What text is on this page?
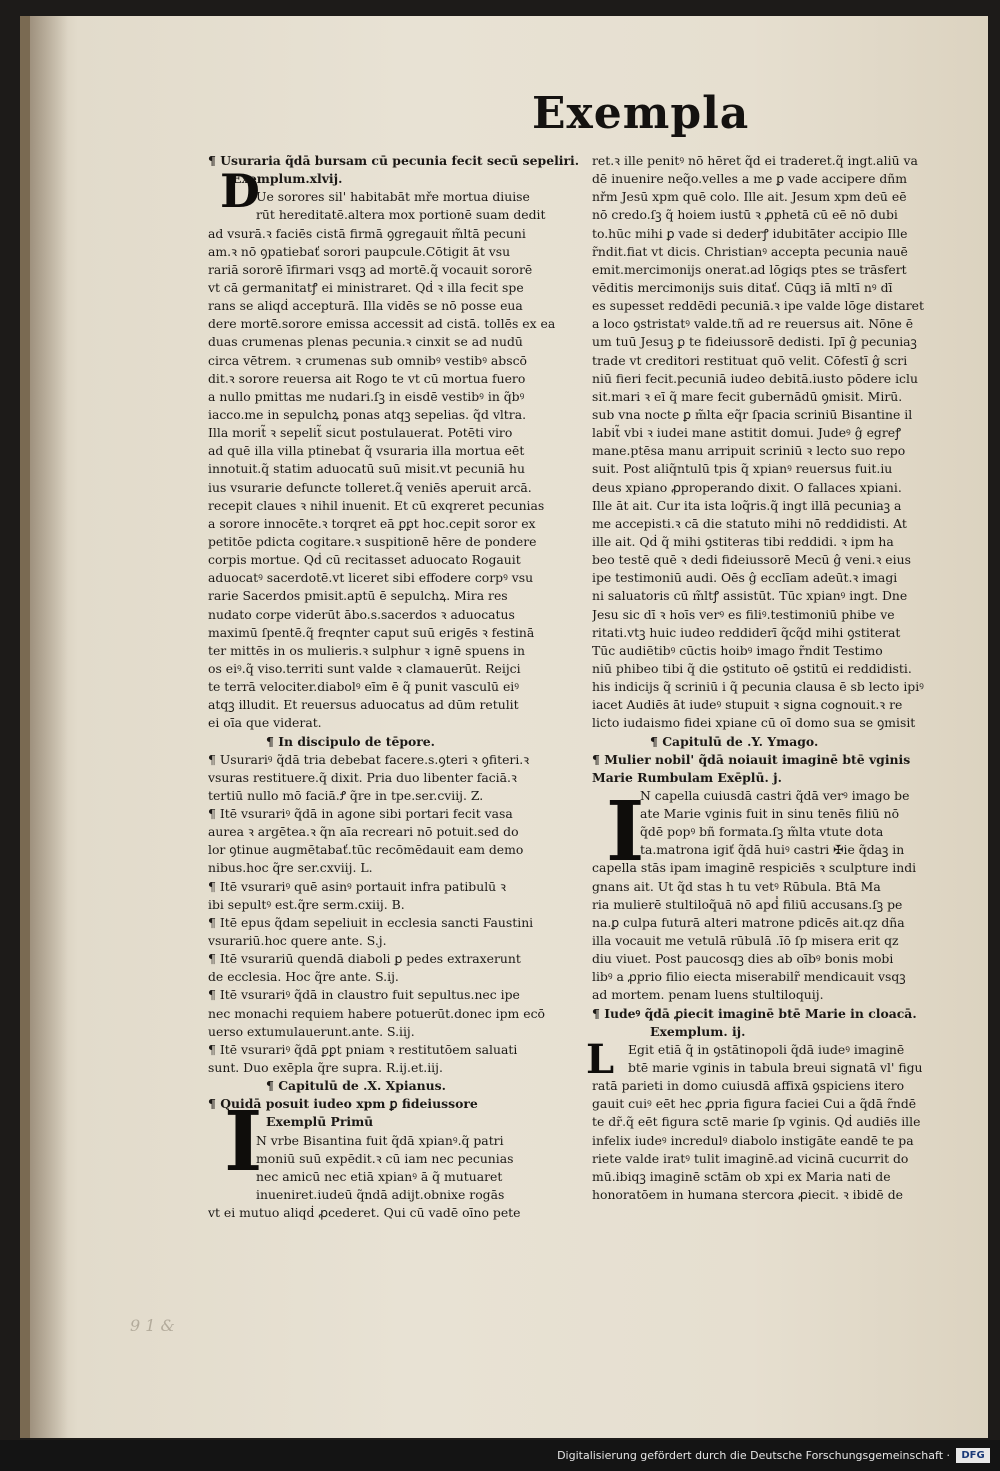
Exempla
¶ Usuraria q̃dā bursam cū pecunia fecit secū sepeliri.
Exemplum.xlvij.
Ue sorores sil' habitabāt mře mortua diuise
rūt hereditatē.altera mox portionē suam dedit
ad vsurā.ꝛ faciēs cistā firmā ꝯgregauit m̃ltā pecuni
am.ꝛ nō ꝯpatiebať sorori paupcule.Cōtigit āt vsu
rariā sororē īfirmari vsqꝫ ad mortē.q̃ vocauit sororē
vt cā germanitatꝭ ei ministraret. Qḋ ꝛ illa fecit spe
rans se aliqḋ accepturā. Illa vidēs se nō posse eua
dere mortē.sorore emissa accessit ad cistā. tollēs ex ea
duas crumenas plenas pecunia.ꝛ cinxit se ad nudū
circa vētrem. ꝛ crumenas sub omnibꝰ vestibꝰ abscō
dit.ꝛ sorore reuersa ait Rogo te vt cū mortua fuero
a nullo pmittas me nudari.ſꝫ in eisdē vestibꝰ in q̃bꝰ
iacco.me in sepulchꝝ ponas atqꝫ sepelias. q̃d vltra.
Illa morit̃ ꝛ sepelit̃ sicut postulauerat. Potēti viro
ad quē illa villa ptinebat q̃ vsuraria illa mortua eēt
innotuit.q̃ statim aduocatū suū misit.vt pecuniā hu
ius vsurarie defuncte tolleret.q̃ veniēs aperuit arcā.
recepit claues ꝛ nihil inuenit. Et cū exqreret pecunias
a sorore innocēte.ꝛ torqret eā ꝑꝑt hoc.cepit soror ex
petitōe pdicta cogitare.ꝛ suspitionē hēre de pondere
corpis mortue. Qḋ cū recitasset aduocato Rogauit
aduocatꝰ sacerdotē.vt liceret sibi effodere corpꝰ vsu
rarie Sacerdos pmisit.aptū ē sepulchꝝ. Mira res
nudato corpe viderūt ābo.s.sacerdos ꝛ aduocatus
maximū ſpentē.q̃ freqnter caput suū erigēs ꝛ festinā
ter mittēs in os mulieris.ꝛ sulphur ꝛ ignē spuens in
os eiꝰ.q̃ viso.territi sunt valde ꝛ clamauerūt. Reijci
te terrā velociter.diabolꝰ eīm ē q̃ punit vasculū eiꝰ
atqꝫ illudit. Et reuersus aduocatus ad dūm retulit
ei oīa que viderat.
¶ In discipulo de tēpore.
¶ Usurariꝰ q̃dā tria debebat facere.s.ꝯteri ꝛ ꝯfiteri.ꝛ
vsuras restituere.q̃ dixit. Pria duo libenter faciā.ꝛ
tertiū nullo mō faciā.Ꝭ q̃re in tpe.ser.cviij. Z.
¶ Itē vsurariꝰ q̃dā in agone sibi portari fecit vasa
aurea ꝛ argētea.ꝛ q̃n aīa recreari nō potuit.sed do
lor ꝯtinue augmētabať.tūc recōmēdauit eam demo
nibus.hoc q̃re ser.cxviij. L.
¶ Itē vsurariꝰ quē asinꝰ portauit infra patibulū ꝛ
ibi sepultꝰ est.q̃re serm.cxiij. B.
¶ Itē epus q̃dam sepeliuit in ecclesia sancti Faustini
vsurariū.hoc quere ante. S.j.
¶ Itē vsurariū quendā diaboli ꝑ pedes extraxerunt
de ecclesia. Hoc q̃re ante. S.ij.
¶ Itē vsurariꝰ q̃dā in claustro fuit sepultus.nec ipe
nec monachi requiem habere potuerūt.donec ipm ecō
uerso extumulauerunt.ante. S.iij.
¶ Itē vsurariꝰ q̃dā ꝑꝑt pniam ꝛ restitutōem saluati
sunt. Duo exēpla q̃re supra. R.ij.et.iij.
¶ Capitulū de .X. Xpianus.
¶ Quidā posuit iudeo xpm ꝑ fideiussore
Exemplū Primū
N vrbe Bisantina fuit q̃dā xpianꝰ.q̃ patri
moniū suū expēdit.ꝛ cū iam nec pecunias
nec amicū nec etiā xpianꝰ ā q̃ mutuaret
inueniret.iudeū q̃ndā adijt.obnixe rogās
vt ei mutuo aliqḋ ꝓcederet. Qui cū vadē oīno pete
ret.ꝛ ille penitꝰ nō hēret q̃d ei traderet.q̃ ingt.aliū va
dē inuenire neq̃o.velles a me ꝑ vade accipere dñm
nřm Jesū xpm quē colo. Ille ait. Jesum xpm deū eē
nō credo.ſꝫ q̃ hoiem iustū ꝛ ꝓphetā cū eē nō dubi
to.hūc mihi ꝑ vade si dederꝭ idubitāter accipio Ille
r̃ndit.fiat vt dicis. Christianꝰ accepta pecunia nauē
emit.mercimonijs onerat.ad lōgiqs ptes se trāsfert
vēditis mercimonijs suis ditať. Cūqꝫ iā mltī nꝰ dī
es supesset reddēdi pecuniā.ꝛ ipe valde lōge distaret
a loco ꝯstristatꝰ valde.tñ ad re reuersus ait. Nōne ē
um tuū Jesuꝫ ꝑ te fideiussorē dedisti. Ipī ĝ pecuniaꝫ
trade vt creditori restituat quō velit. Cōfestī ĝ scri
niū fieri fecit.pecuniā iudeo debitā.iusto pōdere iclu
sit.mari ꝛ eī q̃ mare fecit gubernādū ꝯmisit. Mirū.
sub vna nocte ꝑ m̃lta eq̃r ſpacia scriniū Bisantine il
labit̃ vbi ꝛ iudei mane astitit domui. Judeꝰ ĝ egreꝭ
mane.ptēsa manu arripuit scriniū ꝛ lecto suo repo
suit. Post aliq̃ntulū tpis q̃ xpianꝰ reuersus fuit.iu
deus xpiano ꝓproperando dixit. O fallaces xpiani.
Ille āt ait. Cur ita ista loq̃ris.q̃ ingt illā pecuniaꝫ a
me accepisti.ꝛ cā die statuto mihi nō reddidisti. At
ille ait. Qḋ q̃ mihi ꝯstiteras tibi reddidi. ꝛ ipm ha
beo testē quē ꝛ dedi fideiussorē Mecū ĝ veni.ꝛ eius
ipe testimoniū audi. Oēs ĝ ecclīam adeūt.ꝛ imagi
ni saluatoris cū m̃ltꝭ assistūt. Tūc xpianꝰ ingt. Dne
Jesu sic dī ꝛ hoīs verꝰ es filiꝰ.testimoniū phibe ve
ritati.vtꝫ huic iudeo reddiderī q̃cq̃d mihi ꝯstiterat
Tūc audiētibꝰ cūctis hoibꝰ imago r̃ndit Testimo
niū phibeo tibi q̃ die ꝯstituto oē ꝯstitū ei reddidisti.
his indicijs q̃ scriniū i q̃ pecunia clausa ē sb lecto ipiꝰ
iacet Audiēs āt iudeꝰ stupuit ꝛ signa cognouit.ꝛ re
licto iudaismo fidei xpiane cū oī domo sua se ꝯmisit
¶ Capitulū de .Y. Ymago.
¶ Mulier nobil' q̃dā noiauit imaginē btē vginis
Marie Rumbulam Exēplū. j.
N capella cuiusdā castri q̃dā verꝰ imago be
ate Marie vginis fuit in sinu tenēs filiū nō
q̃dē popꝰ bñ formata.ſꝫ m̃lta vtute dota
ta.matrona igiť q̃dā huiꝰ castri ✠ie q̃daꝫ in
capella stās ipam imaginē respiciēs ꝛ sculpture indi
gnans ait. Ut q̃d stas h tu vetꝰ Rūbula. Btā Ma
ria mulierē stultiloq̃uā nō apd̾ filiū accusans.ſꝫ pe
na.ꝑ culpa futurā alteri matrone pdicēs ait.qz dña
illa vocauit me vetulā rūbulā .īō ſp misera erit qz
diu viuet. Post paucosqꝫ dies ab oībꝰ bonis mobi
libꝰ a ꝓprio filio eiecta miserabilr̃ mendicauit vsqꝫ
ad mortem. penam luens stultiloquij.
¶ Iudeꝰ q̃dā ꝓiecit imaginē btē Marie in cloacā.
Exemplum. ij.
Egit etiā q̃ in ꝯstātinopoli q̃dā iudeꝰ imaginē
btē marie vginis in tabula breui signatā vl' figu
ratā parieti in domo cuiusdā affixā ꝯspiciens itero
gauit cuiꝰ eēt hec ꝓpria figura faciei Cui a q̃dā r̃ndē
te dr̃.q̃ eēt figura sctē marie ſp vginis. Qḋ audiēs ille
infelix iudeꝰ incredulꝰ diabolo instigāte eandē te pa
riete valde iratꝰ tulit imaginē.ad vicinā cucurrit do
mū.ibiqꝫ imaginē sctām ob xpi ex Maria nati de
honoratōem in humana stercora ꝓiecit. ꝛ ibidē de
D
I
I
L
9 1 &
Digitalisierung gefördert durch die Deutsche Forschungsgemeinschaft ·	DFG
